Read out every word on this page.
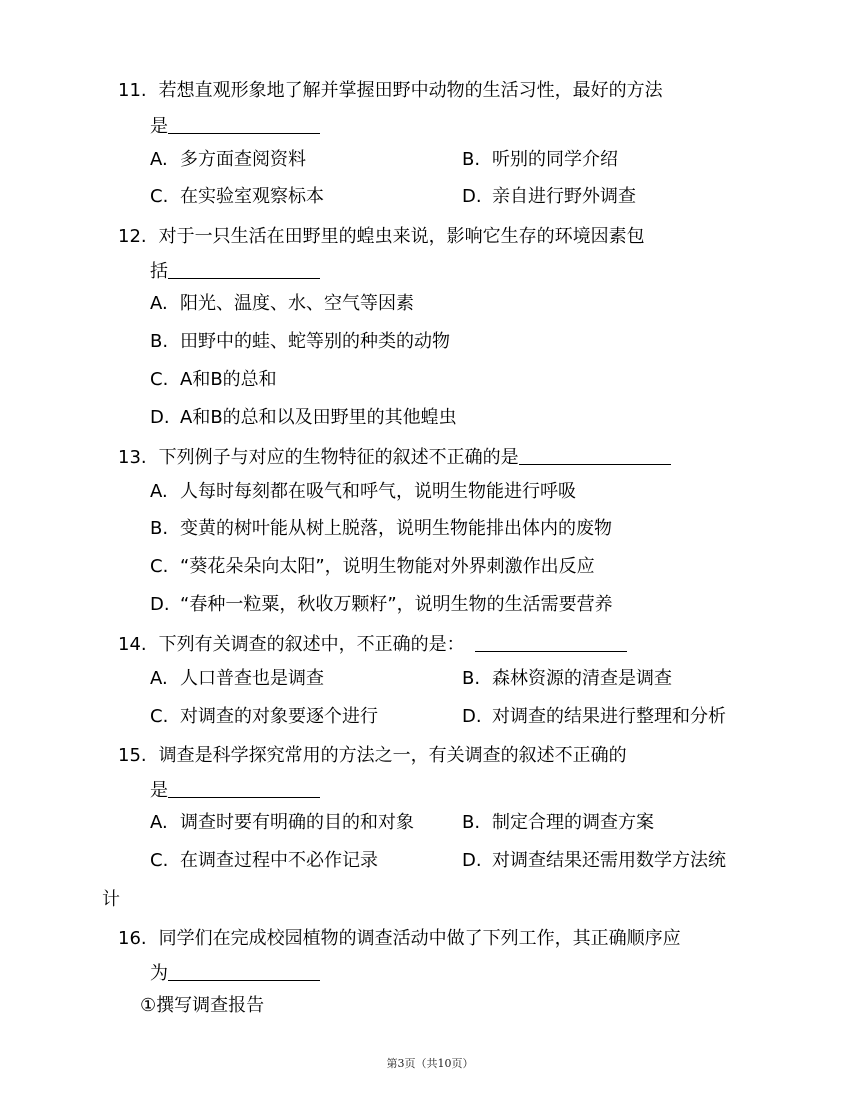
11. 若想直观形象地了解并掌握田野中动物的生活习性，最好的方法
是
A. 多方面查阅资料	B. 听别的同学介绍
C. 在实验室观察标本	D. 亲自进行野外调查
12. 对于一只生活在田野里的蝗虫来说，影响它生存的环境因素包
括
A. 阳光、温度、水、空气等因素
B. 田野中的蛙、蛇等别的种类的动物
C. A和B的总和
D. A和B的总和以及田野里的其他蝗虫
13. 下列例子与对应的生物特征的叙述不正确的是
A. 人每时每刻都在吸气和呼气，说明生物能进行呼吸
B. 变黄的树叶能从树上脱落，说明生物能排出体内的废物
C. “葵花朵朵向太阳”，说明生物能对外界刺激作出反应
D. “春种一粒粟，秋收万颗籽”，说明生物的生活需要营养
14. 下列有关调查的叙述中，不正确的是：
A. 人口普查也是调查	B. 森林资源的清查是调查
C. 对调查的对象要逐个进行	D. 对调查的结果进行整理和分析
15. 调查是科学探究常用的方法之一，有关调查的叙述不正确的
是
A. 调查时要有明确的目的和对象	B. 制定合理的调查方案
C. 在调查过程中不必作记录	D. 对调查结果还需用数学方法统
计
16. 同学们在完成校园植物的调查活动中做了下列工作，其正确顺序应
为
①撰写调查报告
第3页（共10页）
